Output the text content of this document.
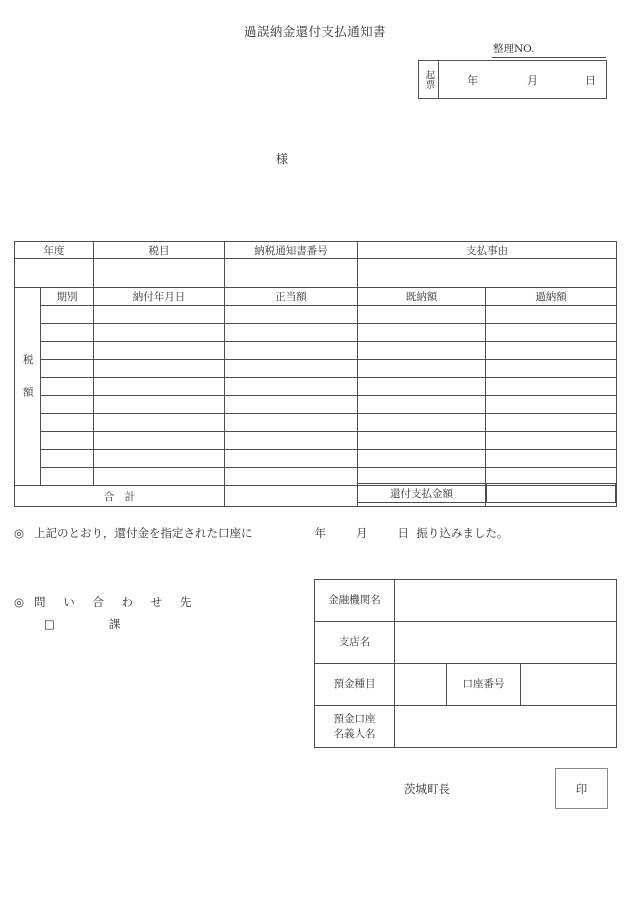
過誤納金還付支払通知書
整理NO.
起票	年	月	日
様
年度		税目	納税通知書番号	支払事由	

税額	期別	納付年月日	正当額	既納額	過納額

合　計						還付支払金額
◎ 上記のとおり，還付金を指定された口座に	年	月	日 振り込みました。
◎ 問 い 合 わ せ 先
□	課
金融機関名			
支店名			
預金種目		口座番号	
預金口座
名義人名			
茨城町長	印
